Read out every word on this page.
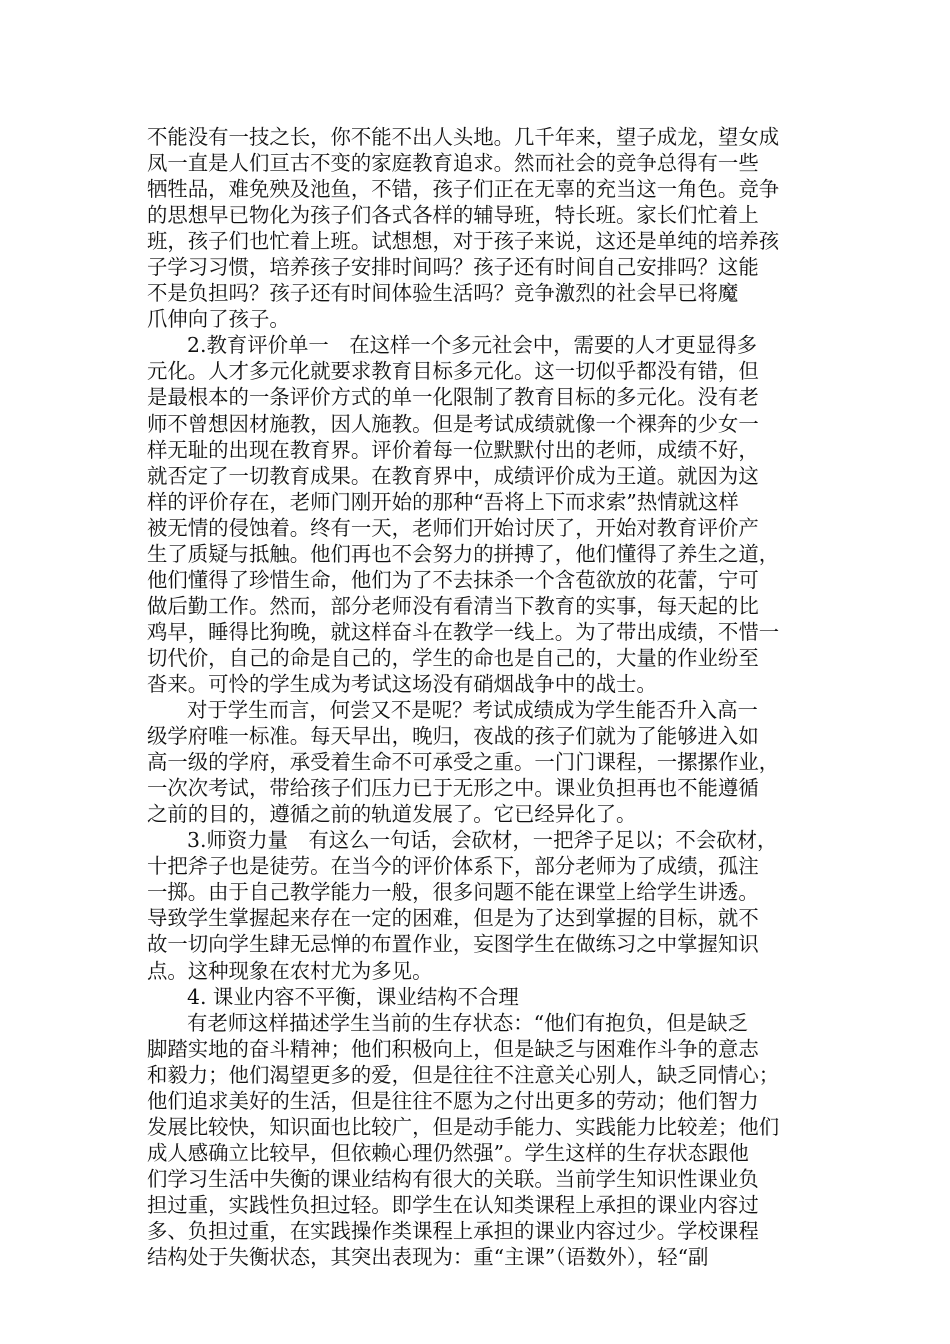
不能没有一技之长，你不能不出人头地。几千年来，望子成龙，望女成
凤一直是人们亘古不变的家庭教育追求。然而社会的竞争总得有一些
牺牲品，难免殃及池鱼，不错，孩子们正在无辜的充当这一角色。竞争
的思想早已物化为孩子们各式各样的辅导班，特长班。家长们忙着上
班，孩子们也忙着上班。试想想，对于孩子来说，这还是单纯的培养孩
子学习习惯，培养孩子安排时间吗？孩子还有时间自己安排吗？这能
不是负担吗？孩子还有时间体验生活吗？竞争激烈的社会早已将魔
爪伸向了孩子。
2.教育评价单一　在这样一个多元社会中，需要的人才更显得多
元化。人才多元化就要求教育目标多元化。这一切似乎都没有错，但
是最根本的一条评价方式的单一化限制了教育目标的多元化。没有老
师不曾想因材施教，因人施教。但是考试成绩就像一个裸奔的少女一
样无耻的出现在教育界。评价着每一位默默付出的老师，成绩不好，
就否定了一切教育成果。在教育界中，成绩评价成为王道。就因为这
样的评价存在，老师门刚开始的那种“吾将上下而求索”热情就这样
被无情的侵蚀着。终有一天，老师们开始讨厌了，开始对教育评价产
生了质疑与抵触。他们再也不会努力的拼搏了，他们懂得了养生之道，
他们懂得了珍惜生命，他们为了不去抹杀一个含苞欲放的花蕾，宁可
做后勤工作。然而，部分老师没有看清当下教育的实事，每天起的比
鸡早，睡得比狗晚，就这样奋斗在教学一线上。为了带出成绩，不惜一
切代价，自己的命是自己的，学生的命也是自己的，大量的作业纷至
沓来。可怜的学生成为考试这场没有硝烟战争中的战士。
对于学生而言，何尝又不是呢？考试成绩成为学生能否升入高一
级学府唯一标准。每天早出，晚归，夜战的孩子们就为了能够进入如
高一级的学府，承受着生命不可承受之重。一门门课程，一摞摞作业，
一次次考试，带给孩子们压力已于无形之中。课业负担再也不能遵循
之前的目的，遵循之前的轨道发展了。它已经异化了。
3.师资力量　有这么一句话，会砍材，一把斧子足以；不会砍材，
十把斧子也是徒劳。在当今的评价体系下，部分老师为了成绩，孤注
一掷。由于自己教学能力一般，很多问题不能在课堂上给学生讲透。
导致学生掌握起来存在一定的困难，但是为了达到掌握的目标，就不
故一切向学生肆无忌惮的布置作业，妄图学生在做练习之中掌握知识
点。这种现象在农村尤为多见。
4. 课业内容不平衡，课业结构不合理
有老师这样描述学生当前的生存状态：“他们有抱负，但是缺乏
脚踏实地的奋斗精神；他们积极向上，但是缺乏与困难作斗争的意志
和毅力；他们渴望更多的爱，但是往往不注意关心别人，缺乏同情心；
他们追求美好的生活，但是往往不愿为之付出更多的劳动；他们智力
发展比较快，知识面也比较广，但是动手能力、实践能力比较差；他们
成人感确立比较早，但依赖心理仍然强”。学生这样的生存状态跟他
们学习生活中失衡的课业结构有很大的关联。当前学生知识性课业负
担过重，实践性负担过轻。即学生在认知类课程上承担的课业内容过
多、负担过重，在实践操作类课程上承担的课业内容过少。学校课程
结构处于失衡状态，其突出表现为：重“主课”（语数外），轻“副
